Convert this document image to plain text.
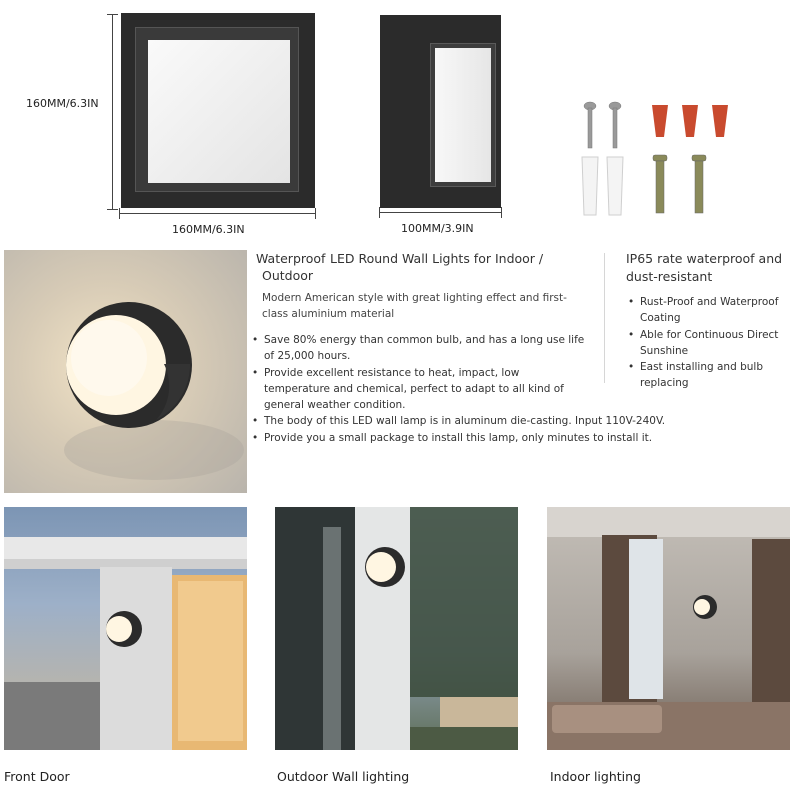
160MM/6.3IN
160MM/6.3IN	100MM/3.9IN
Waterproof LED Round Wall Lights for Indoor /
Outdoor
Modern American style with great lighting effect and first-class aluminium material
• Save 80% energy than common bulb, and has a long use life of 25,000 hours.
• Provide excellent resistance to heat, impact, low temperature and chemical, perfect to adapt to all kind of general weather condition.
• The body of this LED wall lamp is in aluminum die-casting. Input 110V-240V.
• Provide you a small package to install this lamp, only minutes to install it.
IP65 rate waterproof and dust-resistant
• Rust-Proof and Waterproof Coating
• Able for Continuous Direct Sunshine
• East installing and bulb replacing
Front Door	Outdoor Wall lighting	Indoor lighting
